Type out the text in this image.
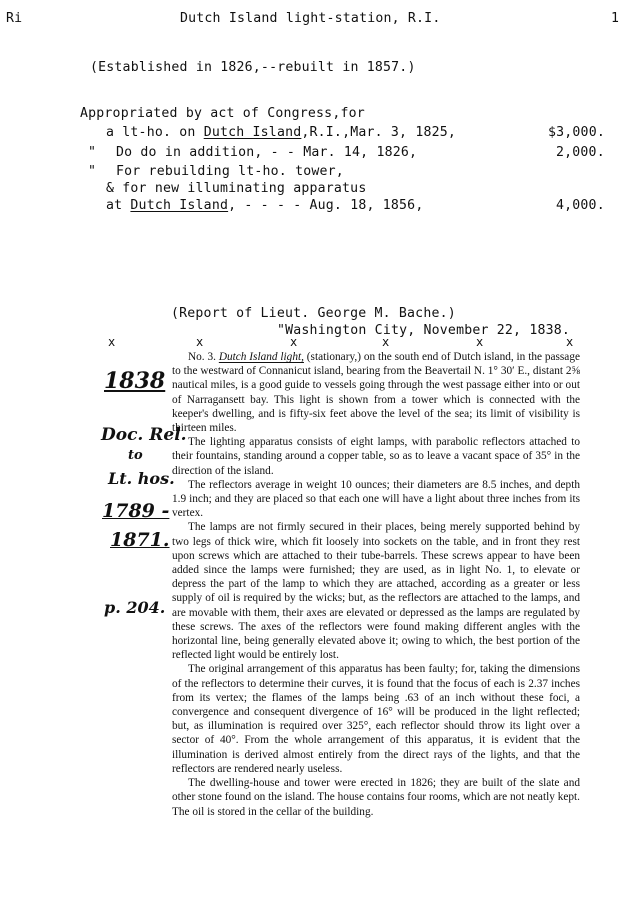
Ri	Dutch Island light-station, R.I.	1
(Established in 1826,--rebuilt in 1857.)
Appropriated by act of Congress,for
a lt-ho. on Dutch Island,R.I.,Mar. 3, 1825,	$3,000.
" Do do in addition, - - Mar. 14, 1826,	2,000.
" For rebuilding lt-ho. tower,
& for new illuminating apparatus
at Dutch Island, - - - - Aug. 18, 1856,	4,000.
(Report of Lieut. George M. Bache.)
"Washington City, November 22, 1838.
x	x	x	x	x	x
1838
Doc. Rel.
to
Lt. hos.
1789 -
1871.
p. 204.

No. 3. Dutch Island light, (stationary,) on the south end of Dutch island, in the passage to the westward of Connanicut island, bearing from the Beavertail N. 1° 30′ E., distant 2⅝ nautical miles, is a good guide to vessels going through the west passage either into or out of Narragansett bay. This light is shown from a tower which is connected with the keeper's dwelling, and is fifty-six feet above the level of the sea; its limit of visibility is thirteen miles.

The lighting apparatus consists of eight lamps, with parabolic reflectors attached to their fountains, standing around a copper table, so as to leave a vacant space of 35° in the direction of the island.

The reflectors average in weight 10 ounces; their diameters are 8.5 inches, and depth 1.9 inch; and they are placed so that each one will have a light about three inches from its vertex.

The lamps are not firmly secured in their places, being merely supported behind by two legs of thick wire, which fit loosely into sockets on the table, and in front they rest upon screws which are attached to their tube-barrels. These screws appear to have been added since the lamps were furnished; they are used, as in light No. 1, to elevate or depress the part of the lamp to which they are attached, according as a greater or less supply of oil is required by the wicks; but, as the reflectors are attached to the lamps, and are movable with them, their axes are elevated or depressed as the lamps are regulated by these screws. The axes of the reflectors were found making different angles with the horizontal line, being generally elevated above it; owing to which, the best portion of the reflected light would be entirely lost.

The original arrangement of this apparatus has been faulty; for, taking the dimensions of the reflectors to determine their curves, it is found that the focus of each is 2.37 inches from its vertex; the flames of the lamps being .63 of an inch without these foci, a convergence and consequent divergence of 16° will be produced in the light reflected; but, as illumination is required over 325°, each reflector should throw its light over a sector of 40°. From the whole arrangement of this apparatus, it is evident that the illumination is derived almost entirely from the direct rays of the lights, and that the reflectors are rendered nearly useless.

The dwelling-house and tower were erected in 1826; they are built of the slate and other stone found on the island. The house contains four rooms, which are not neatly kept. The oil is stored in the cellar of the building.
